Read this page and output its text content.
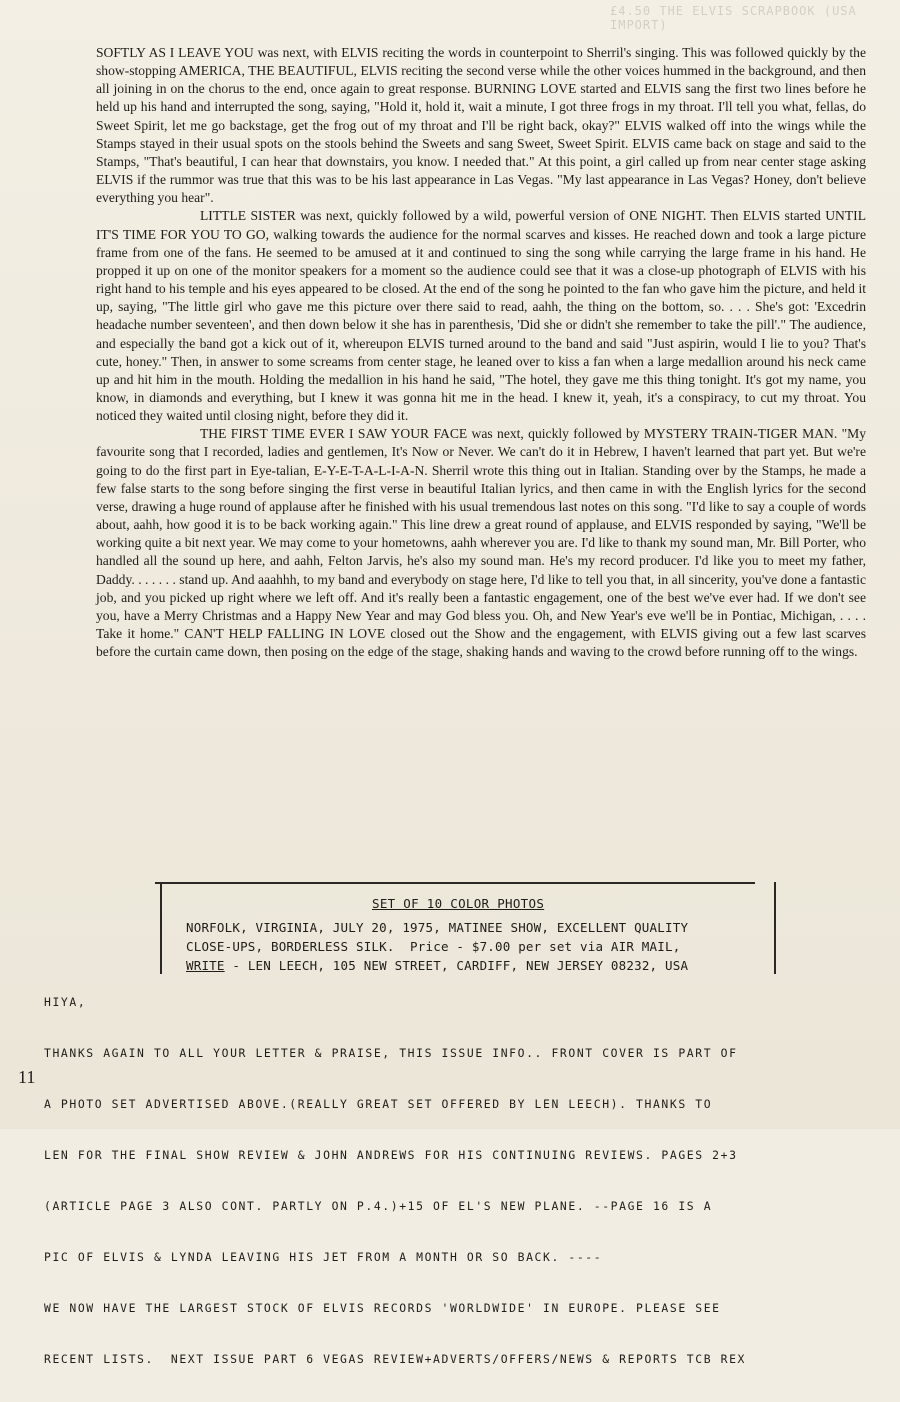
£4.50 THE ELVIS SCRAPBOOK (USA IMPORT)

SOFTLY AS I LEAVE YOU was next, with ELVIS reciting the words in counterpoint to Sherril's singing. This was followed quickly by the show-stopping AMERICA, THE BEAUTIFUL, ELVIS reciting the second verse while the other voices hummed in the background, and then all joining in on the chorus to the end, once again to great response. BURNING LOVE started and ELVIS sang the first two lines before he held up his hand and interrupted the song, saying, "Hold it, hold it, wait a minute, I got three frogs in my throat. I'll tell you what, fellas, do Sweet Spirit, let me go backstage, get the frog out of my throat and I'll be right back, okay?" ELVIS walked off into the wings while the Stamps stayed in their usual spots on the stools behind the Sweets and sang Sweet, Sweet Spirit. ELVIS came back on stage and said to the Stamps, "That's beautiful, I can hear that downstairs, you know. I needed that." At this point, a girl called up from near center stage asking ELVIS if the rummor was true that this was to be his last appearance in Las Vegas. "My last appearance in Las Vegas? Honey, don't believe everything you hear".

LITTLE SISTER was next, quickly followed by a wild, powerful version of ONE NIGHT. Then ELVIS started UNTIL IT'S TIME FOR YOU TO GO, walking towards the audience for the normal scarves and kisses. He reached down and took a large picture frame from one of the fans. He seemed to be amused at it and continued to sing the song while carrying the large frame in his hand. He propped it up on one of the monitor speakers for a moment so the audience could see that it was a close-up photograph of ELVIS with his right hand to his temple and his eyes appeared to be closed. At the end of the song he pointed to the fan who gave him the picture, and held it up, saying, "The little girl who gave me this picture over there said to read, aahh, the thing on the bottom, so. . . . She's got: 'Excedrin headache number seventeen', and then down below it she has in parenthesis, 'Did she or didn't she remember to take the pill'." The audience, and especially the band got a kick out of it, whereupon ELVIS turned around to the band and said "Just aspirin, would I lie to you? That's cute, honey." Then, in answer to some screams from center stage, he leaned over to kiss a fan when a large medallion around his neck came up and hit him in the mouth. Holding the medallion in his hand he said, "The hotel, they gave me this thing tonight. It's got my name, you know, in diamonds and everything, but I knew it was gonna hit me in the head. I knew it, yeah, it's a conspiracy, to cut my throat. You noticed they waited until closing night, before they did it.

THE FIRST TIME EVER I SAW YOUR FACE was next, quickly followed by MYSTERY TRAIN-TIGER MAN. "My favourite song that I recorded, ladies and gentlemen, It's Now or Never. We can't do it in Hebrew, I haven't learned that part yet. But we're going to do the first part in Eye-talian, E-Y-E-T-A-L-I-A-N. Sherril wrote this thing out in Italian. Standing over by the Stamps, he made a few false starts to the song before singing the first verse in beautiful Italian lyrics, and then came in with the English lyrics for the second verse, drawing a huge round of applause after he finished with his usual tremendous last notes on this song. "I'd like to say a couple of words about, aahh, how good it is to be back working again." This line drew a great round of applause, and ELVIS responded by saying, "We'll be working quite a bit next year. We may come to your hometowns, aahh wherever you are. I'd like to thank my sound man, Mr. Bill Porter, who handled all the sound up here, and aahh, Felton Jarvis, he's also my sound man. He's my record producer. I'd like you to meet my father, Daddy. . . . . . . stand up. And aaahhh, to my band and everybody on stage here, I'd like to tell you that, in all sincerity, you've done a fantastic job, and you picked up right where we left off. And it's really been a fantastic engagement, one of the best we've ever had. If we don't see you, have a Merry Christmas and a Happy New Year and may God bless you. Oh, and New Year's eve we'll be in Pontiac, Michigan, . . . . Take it home." CAN'T HELP FALLING IN LOVE closed out the Show and the engagement, with ELVIS giving out a few last scarves before the curtain came down, then posing on the edge of the stage, shaking hands and waving to the crowd before running off to the wings.

SET OF 10 COLOR PHOTOS
NORFOLK, VIRGINIA, JULY 20, 1975, MATINEE SHOW, EXCELLENT QUALITY
CLOSE-UPS, BORDERLESS SILK.  Price - $7.00 per set via AIR MAIL,
WRITE - LEN LEECH, 105 NEW STREET, CARDIFF, NEW JERSEY 08232, USA

HIYA,

THANKS AGAIN TO ALL YOUR LETTER & PRAISE, THIS ISSUE INFO.. FRONT COVER IS PART OF

A PHOTO SET ADVERTISED ABOVE.(REALLY GREAT SET OFFERED BY LEN LEECH). THANKS TO

LEN FOR THE FINAL SHOW REVIEW & JOHN ANDREWS FOR HIS CONTINUING REVIEWS. PAGES 2+3

(ARTICLE PAGE 3 ALSO CONT. PARTLY ON P.4.)+15 OF EL'S NEW PLANE. --PAGE 16 IS A

PIC OF ELVIS & LYNDA LEAVING HIS JET FROM A MONTH OR SO BACK. ----

WE NOW HAVE THE LARGEST STOCK OF ELVIS RECORDS 'WORLDWIDE' IN EUROPE. PLEASE SEE

RECENT LISTS.  NEXT ISSUE PART 6 VEGAS REVIEW+ADVERTS/OFFERS/NEWS & REPORTS TCB REX

11
